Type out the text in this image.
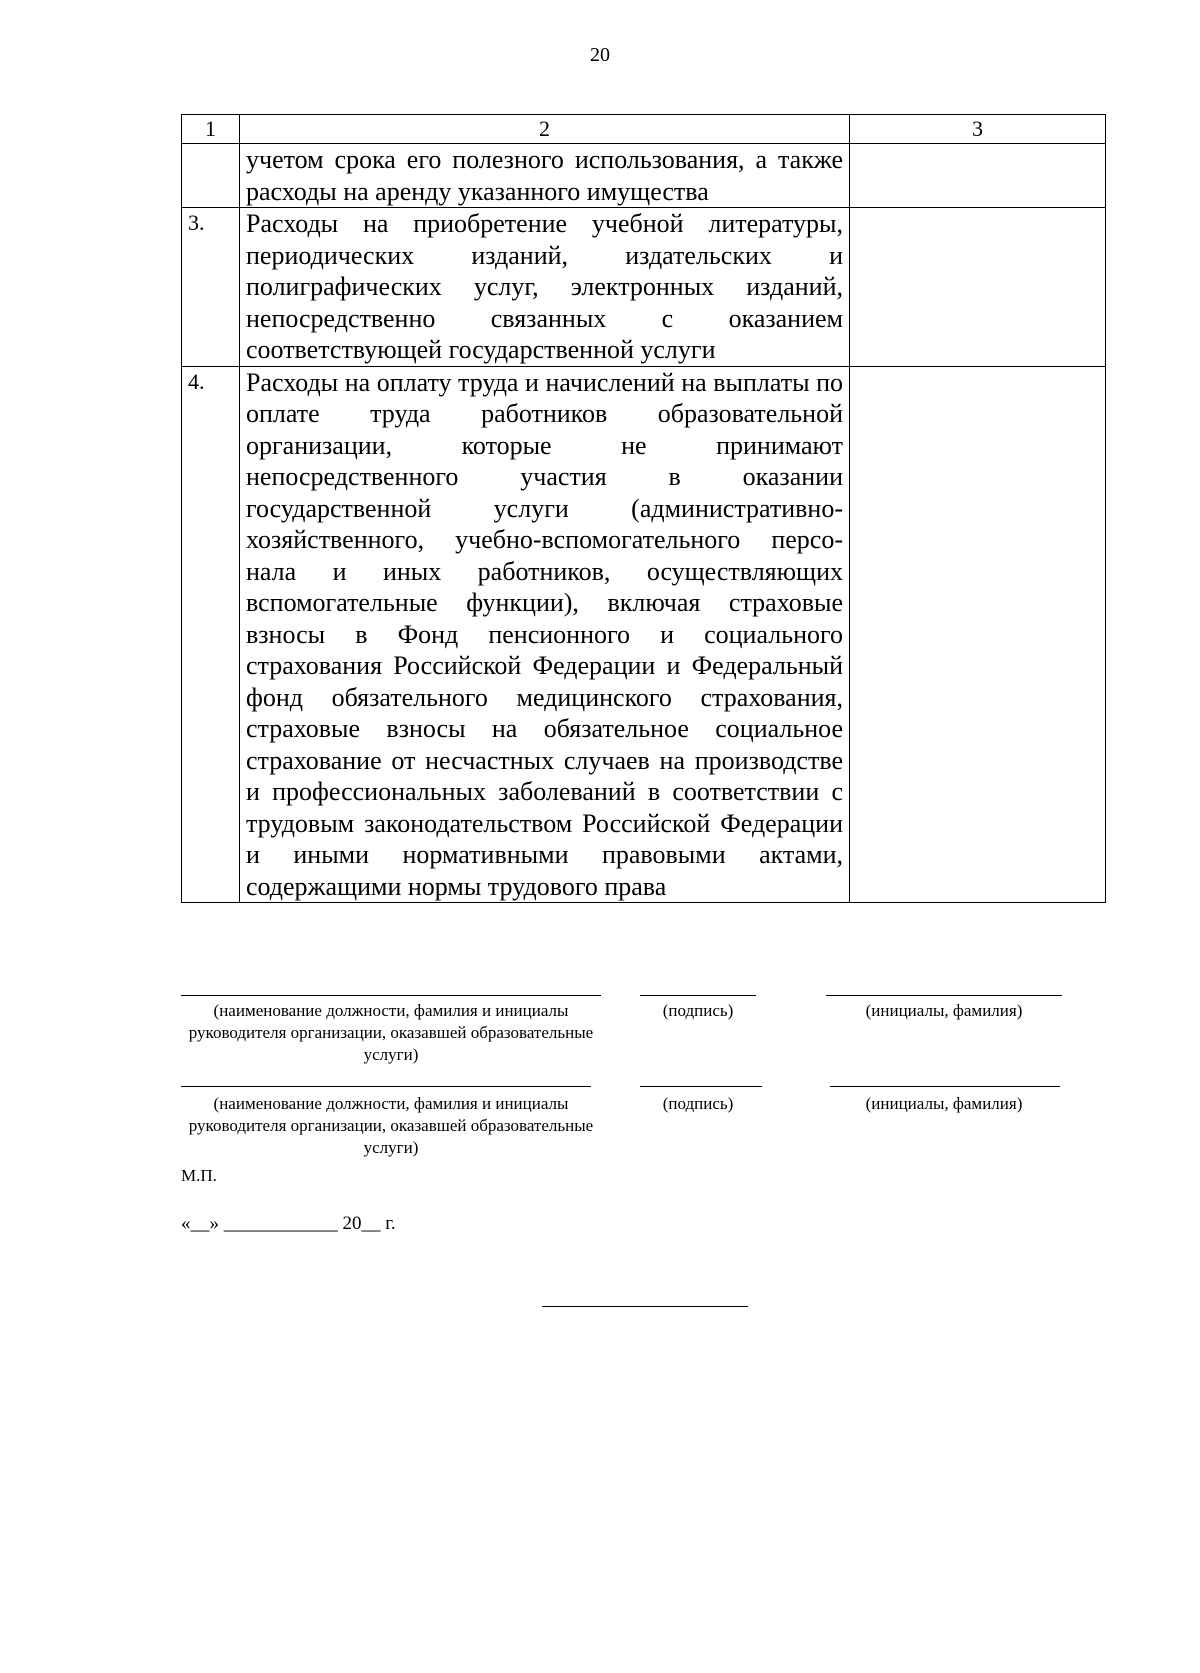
20
1	2	3
	учетом срока его полезного использования, а также расходы на аренду указанного имущества	
3.	Расходы на приобретение учебной литературы, периодических изданий, издательских и полиграфических услуг, электронных изданий, непосредственно связанных с оказанием соответствующей государственной услуги	
4.	Расходы на оплату труда и начислений на выплаты по оплате труда работников образовательной организации, которые не принимают непосредственного участия в оказании государственной услуги (административно-хозяйственного, учебно-вспомогательного персо-нала и иных работников, осуществляющих вспомогательные функции), включая страховые взносы в Фонд пенсионного и социального страхования Российской Федерации и Федеральный фонд обязательного медицинского страхования, страховые взносы на обязательное социальное страхование от несчастных случаев на производстве и профессиональных заболеваний в соответствии с трудовым законодательством Российской Федерации и иными нормативными правовыми актами, содержащими нормы трудового права	
(наименование должности, фамилия и инициалы руководителя организации, оказавшей образовательные услуги)
(подпись)	(инициалы, фамилия)
(наименование должности, фамилия и инициалы руководителя организации, оказавшей образовательные услуги)
(подпись)	(инициалы, фамилия)
М.П.
«__» ____________ 20__ г.
